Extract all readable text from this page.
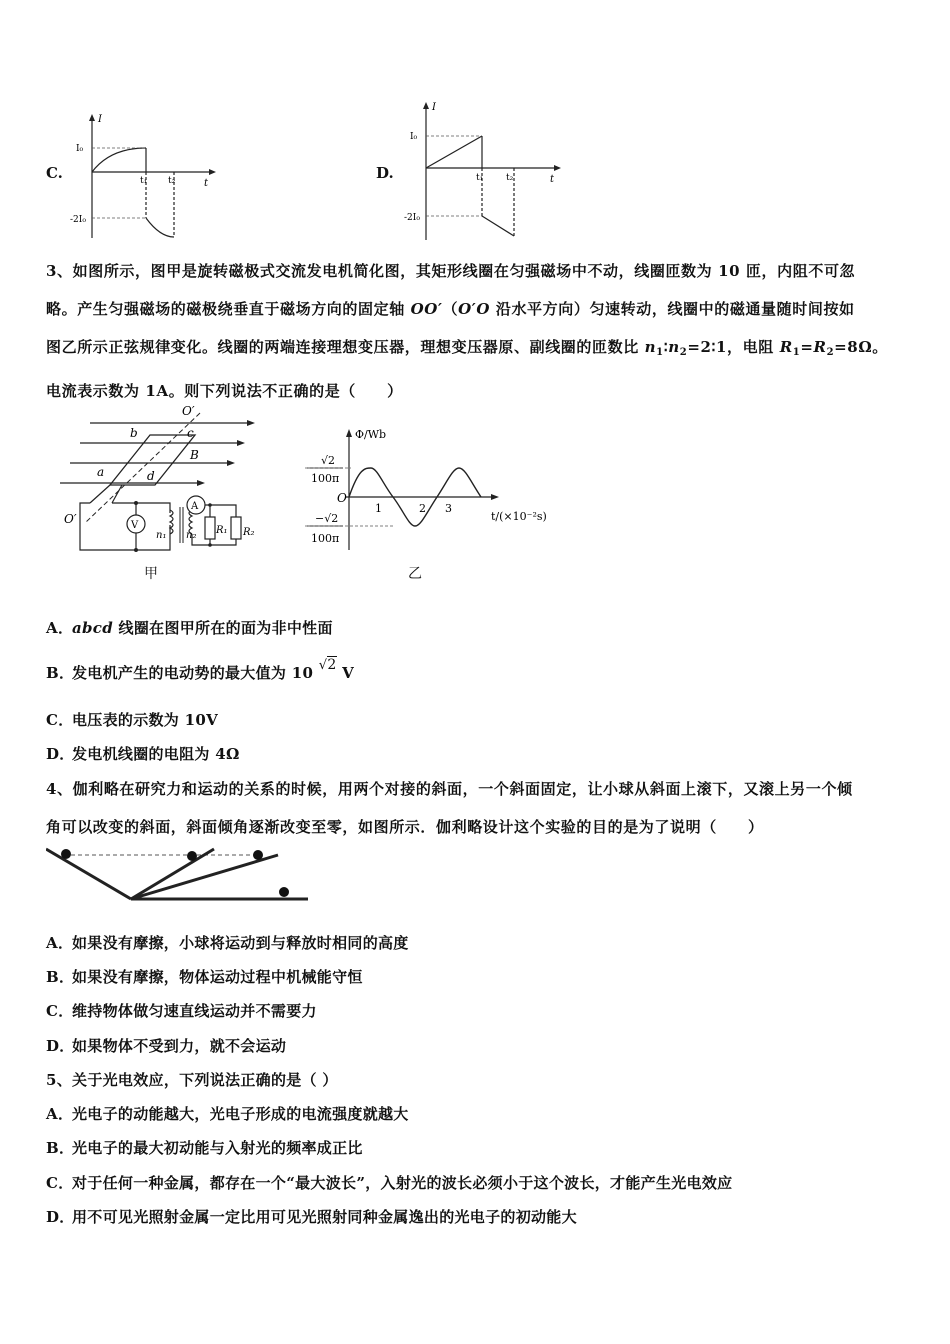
C.
I
t
I₀
-2I₀
t₁ t₂	D.
I
t
I₀
-2I₀
t₁	t₂
3、如图所示，图甲是旋转磁极式交流发电机简化图，其矩形线圈在匀强磁场中不动，线圈匝数为 10 匝，内阻不可忽
略。产生匀强磁场的磁极绕垂直于磁场方向的固定轴 OO′（O′O 沿水平方向）匀速转动，线圈中的磁通量随时间按如
图乙所示正弦规律变化。线圈的两端连接理想变压器，理想变压器原、副线圈的匝数比 $n_1∶n_2=2∶1$，电阻 $R_1=R_2=8\Omega$。
电流表示数为 1A。则下列说法不正确的是（　　）
O′
b	c
B
a	d
O′	V
A
n₁ n₂ R₁ R₂
甲
Φ/Wb
O
√2
100π
−√2
100π
1	2 3
t/(×10⁻²s)
乙
A．abcd 线圈在图甲所在的面为非中性面
B．发电机产生的电动势的最大值为 10 √2 V
C．电压表的示数为 10V
D．发电机线圈的电阻为 4Ω
4、伽利略在研究力和运动的关系的时候，用两个对接的斜面，一个斜面固定，让小球从斜面上滚下，又滚上另一个倾
角可以改变的斜面，斜面倾角逐渐改变至零，如图所示．伽利略设计这个实验的目的是为了说明（　　）
A．如果没有摩擦，小球将运动到与释放时相同的高度
B．如果没有摩擦，物体运动过程中机械能守恒
C．维持物体做匀速直线运动并不需要力
D．如果物体不受到力，就不会运动
5、关于光电效应，下列说法正确的是（ ）
A．光电子的动能越大，光电子形成的电流强度就越大
B．光电子的最大初动能与入射光的频率成正比
C．对于任何一种金属，都存在一个“最大波长”，入射光的波长必须小于这个波长，才能产生光电效应
D．用不可见光照射金属一定比用可见光照射同种金属逸出的光电子的初动能大
